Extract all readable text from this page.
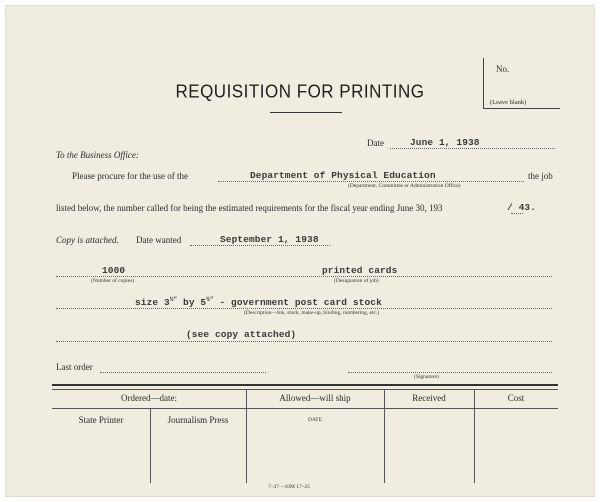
No.
(Leave blank)
REQUISITION FOR PRINTING
Date	June 1, 1938
To the Business Office:
Please procure for the use of the	Department of Physical Education
(Department, Committee or Administration Office)
the job
listed below, the number called for being the estimated requirements for the fiscal year ending June 30, 193	/ 43.
Copy is attached. Date wanted	September 1, 1938
1000
(Number of copies)
printed cards
(Designation of job)
size $3^{\frac{1}{2}"}$ by $5^{\frac{1}{2}"}$ - government post card stock
(Description—Ink, stock, make-up, binding, numbering, etc.)
(see copy attached)
Last order
(Signature)
Ordered—date:	Allowed—will ship	Received	Cost
State Printer	Journalism Press	DATE
7–37—10M 17–25
